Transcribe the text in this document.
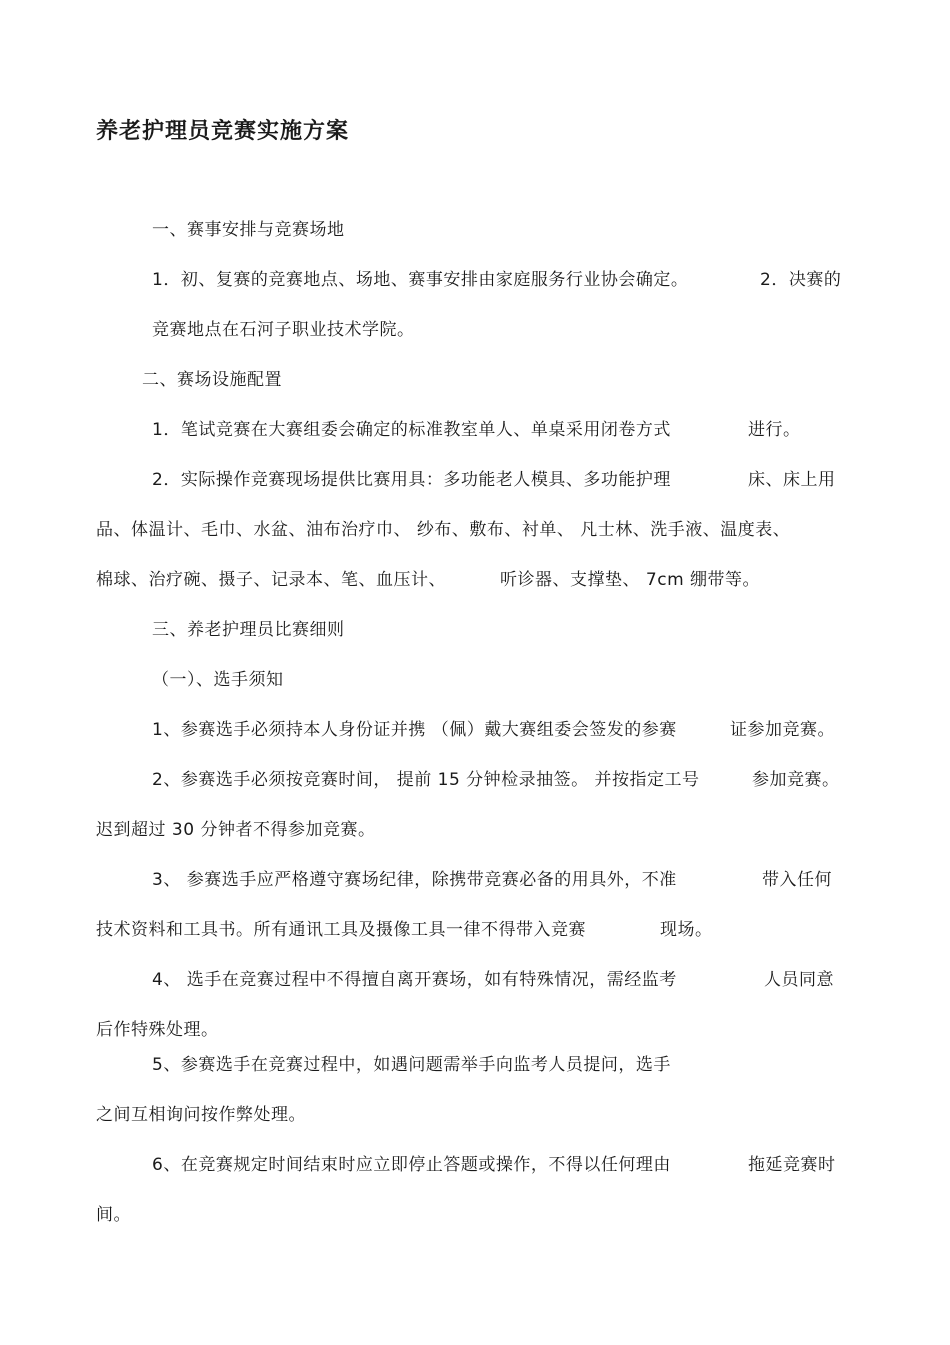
养老护理员竞赛实施方案

一、赛事安排与竞赛场地

1．初、复赛的竞赛地点、场地、赛事安排由家庭服务行业协会确定。	2．决赛的

竞赛地点在石河子职业技术学院。

二、赛场设施配置

1．笔试竞赛在大赛组委会确定的标准教室单人、单桌采用闭卷方式	进行。

2．实际操作竞赛现场提供比赛用具：多功能老人模具、多功能护理	床、床上用

品、体温计、毛巾、水盆、油布治疗巾、 纱布、敷布、衬单、 凡士林、洗手液、温度表、

棉球、治疗碗、摄子、记录本、笔、血压计、	听诊器、支撑垫、 7cm 绷带等。

三、养老护理员比赛细则

（一）、选手须知

1、参赛选手必须持本人身份证并携 （佩）戴大赛组委会签发的参赛	证参加竞赛。

2、参赛选手必须按竞赛时间， 提前 15 分钟检录抽签。 并按指定工号	参加竞赛。

迟到超过 30 分钟者不得参加竞赛。

3、 参赛选手应严格遵守赛场纪律，除携带竞赛必备的用具外，不准	带入任何

技术资料和工具书。所有通讯工具及摄像工具一律不得带入竞赛	现场。

4、 选手在竞赛过程中不得擅自离开赛场，如有特殊情况，需经监考	人员同意

后作特殊处理。

5、参赛选手在竞赛过程中，如遇问题需举手向监考人员提问，选手

之间互相询问按作弊处理。

6、在竞赛规定时间结束时应立即停止答题或操作，不得以任何理由	拖延竞赛时

间。
